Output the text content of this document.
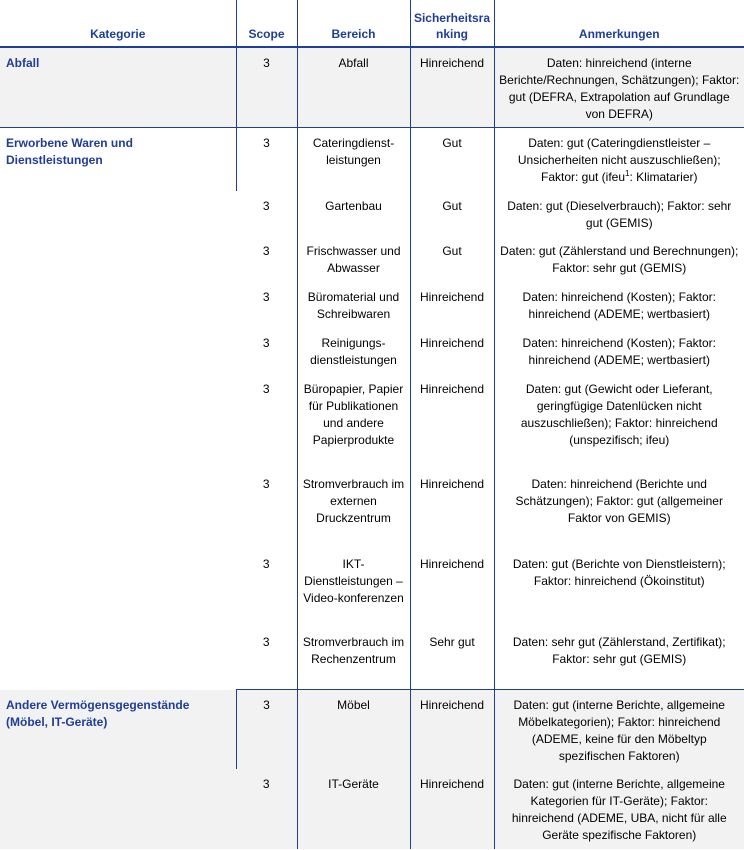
Kategorie	Scope	Bereich	Sicherheitsranking	Anmerkungen
Abfall	3	Abfall	Hinreichend	Daten: hinreichend (interne Berichte/Rechnungen, Schätzungen); Faktor: gut (DEFRA, Extrapolation auf Grundlage von DEFRA)
Erworbene Waren und Dienstleistungen	3	Cateringdienst-leistungen	Gut	Daten: gut (Cateringdienstleister – Unsicherheiten nicht auszuschließen); Faktor: gut (ifeu$^1$: Klimatarier)
	3	Gartenbau	Gut	Daten: gut (Dieselverbrauch); Faktor: sehr gut (GEMIS)
	3	Frischwasser und Abwasser	Gut	Daten: gut (Zählerstand und Berechnungen); Faktor: sehr gut (GEMIS)
	3	Büromaterial und Schreibwaren	Hinreichend	Daten: hinreichend (Kosten); Faktor: hinreichend (ADEME; wertbasiert)
	3	Reinigungs-dienstleistungen	Hinreichend	Daten: hinreichend (Kosten); Faktor: hinreichend (ADEME; wertbasiert)
	3	Büropapier, Papier für Publikationen und andere Papierprodukte	Hinreichend	Daten: gut (Gewicht oder Lieferant, geringfügige Datenlücken nicht auszuschließen); Faktor: hinreichend (unspezifisch; ifeu)
	3	Stromverbrauch im externen Druckzentrum	Hinreichend	Daten: hinreichend (Berichte und Schätzungen); Faktor: gut (allgemeiner Faktor von GEMIS)
	3	IKT-Dienstleistungen – Video-konferenzen	Hinreichend	Daten: gut (Berichte von Dienstleistern); Faktor: hinreichend (Ökoinstitut)
	3	Stromverbrauch im Rechenzentrum	Sehr gut	Daten: sehr gut (Zählerstand, Zertifikat); Faktor: sehr gut (GEMIS)
Andere Vermögensgegenstände (Möbel, IT-Geräte)	3	Möbel	Hinreichend	Daten: gut (interne Berichte, allgemeine Möbelkategorien); Faktor: hinreichend (ADEME, keine für den Möbeltyp spezifischen Faktoren)
	3	IT-Geräte	Hinreichend	Daten: gut (interne Berichte, allgemeine Kategorien für IT-Geräte); Faktor: hinreichend (ADEME, UBA, nicht für alle Geräte spezifische Faktoren)
